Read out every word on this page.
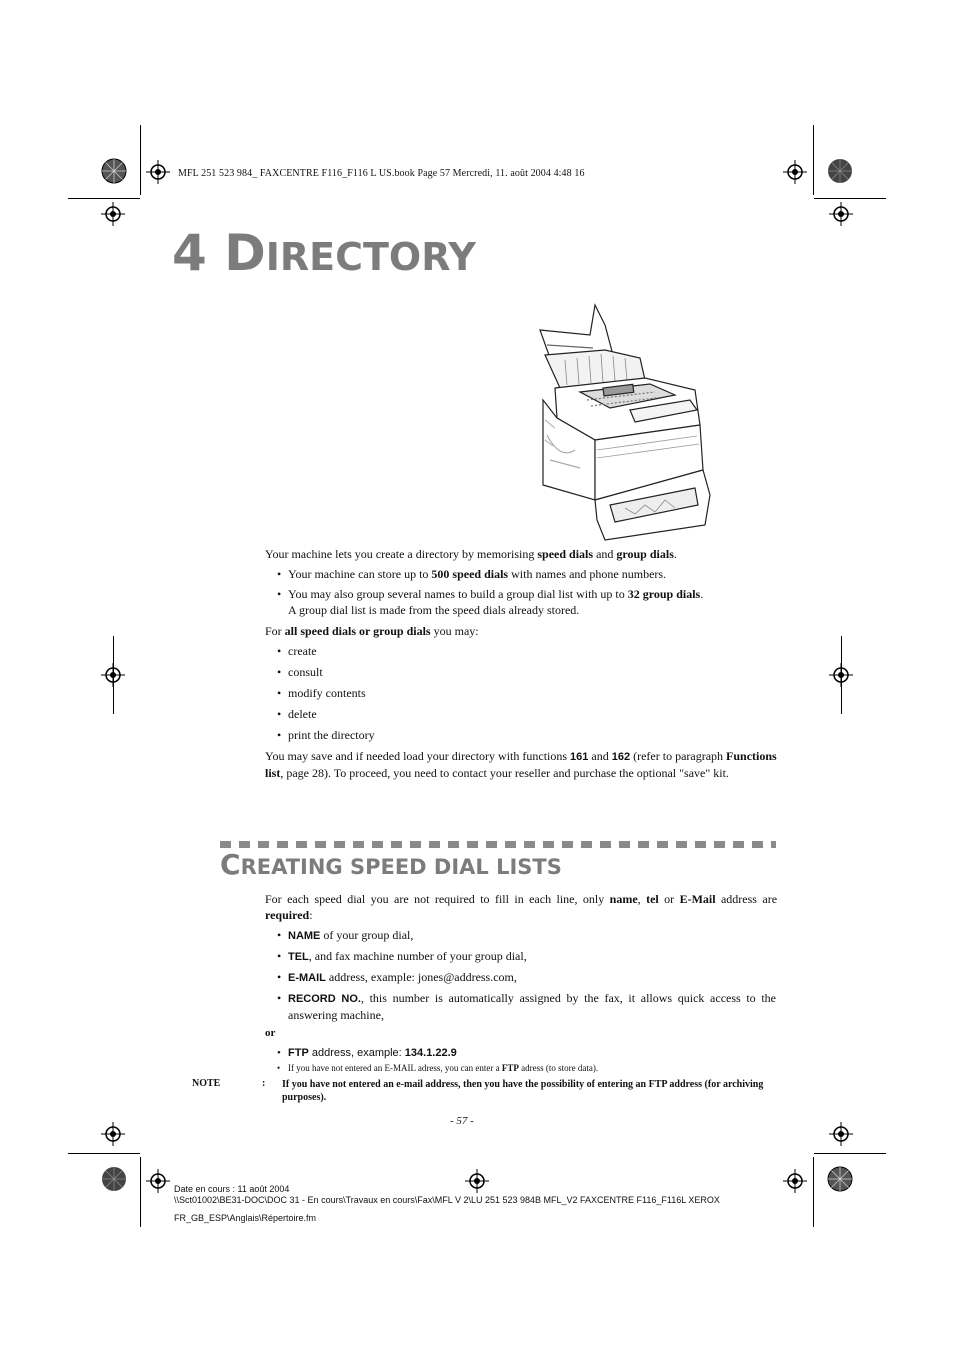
MFL 251 523 984_ FAXCENTRE F116_F116 L US.book Page 57 Mercredi, 11. août 2004 4:48 16
4 DIRECTORY

Your machine lets you create a directory by memorising speed dials and group dials.

• Your machine can store up to 500 speed dials with names and phone numbers.
• You may also group several names to build a group dial list with up to 32 group dials.
A group dial list is made from the speed dials already stored.

For all speed dials or group dials you may:

• create
• consult
• modify contents
• delete
• print the directory

You may save and if needed load your directory with functions 161 and 162 (refer to paragraph Functions list, page 28). To proceed, you need to contact your reseller and purchase the optional "save" kit.

CREATING SPEED DIAL LISTS

For each speed dial you are not required to fill in each line, only name, tel or E-Mail address are required:

• NAME of your group dial,
• TEL, and fax machine number of your group dial,
• E-MAIL address, example: jones@address.com,
• RECORD NO., this number is automatically assigned by the fax, it allows quick access to the answering machine,
or
• FTP address, example: 134.1.22.9
• If you have not entered an E-MAIL adress, you can enter a FTP adress (to store data).
NOTE	: If you have not entered an e-mail address, then you have the possibility of entering an FTP address (for archiving purposes).
- 57 -
Date en cours : 11 août 2004
\\Sct01002\BE31-DOC\DOC 31 - En cours\Travaux en cours\Fax\MFL V 2\LU 251 523 984B MFL_V2 FAXCENTRE F116_F116L XEROX
FR_GB_ESP\Anglais\Répertoire.fm
